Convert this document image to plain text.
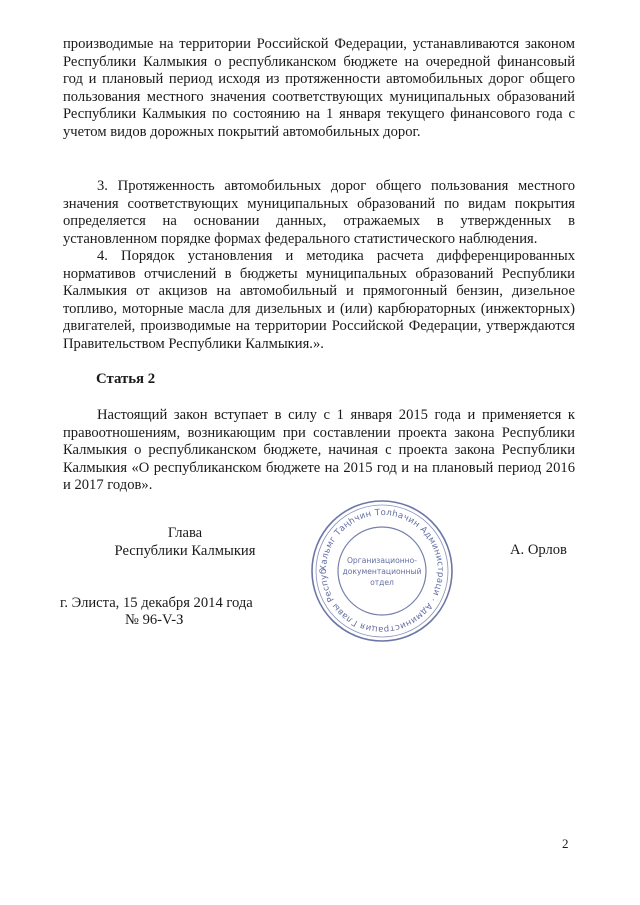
производимые на территории Российской Федерации, устанавливаются законом Республики Калмыкия о республиканском бюджете на очередной финансовый год и плановый период исходя из протяженности автомобильных дорог общего пользования местного значения соответствующих муниципальных образований Республики Калмыкия по состоянию на 1 января текущего финансового года с учетом видов дорожных покрытий автомобильных дорог.

3. Протяженность автомобильных дорог общего пользования местного значения соответствующих муниципальных образований по видам покрытия определяется на основании данных, отражаемых в утвержденных в установленном порядке формах федерального статистического наблюдения.

4. Порядок установления и методика расчета дифференцированных нормативов отчислений в бюджеты муниципальных образований Республики Калмыкия от акцизов на автомобильный и прямогонный бензин, дизельное топливо, моторные масла для дизельных и (или) карбюраторных (инжекторных) двигателей, производимые на территории Российской Федерации, утверждаются Правительством Республики Калмыкия.».

Статья 2

Настоящий закон вступает в силу с 1 января 2015 года и применяется к правоотношениям, возникающим при составлении проекта закона Республики Калмыкия о республиканском бюджете, начиная с проекта закона Республики Калмыкия «О республиканском бюджете на 2015 год и на плановый период 2016 и 2017 годов».

Глава
Республики Калмыкия
Хальмг Таңһчин Толһачин Администраци · Администрация Главы Респуб
Организационно-
документационный
отдел
А. Орлов
г. Элиста, 15 декабря 2014 года
№ 96-V-З
2
